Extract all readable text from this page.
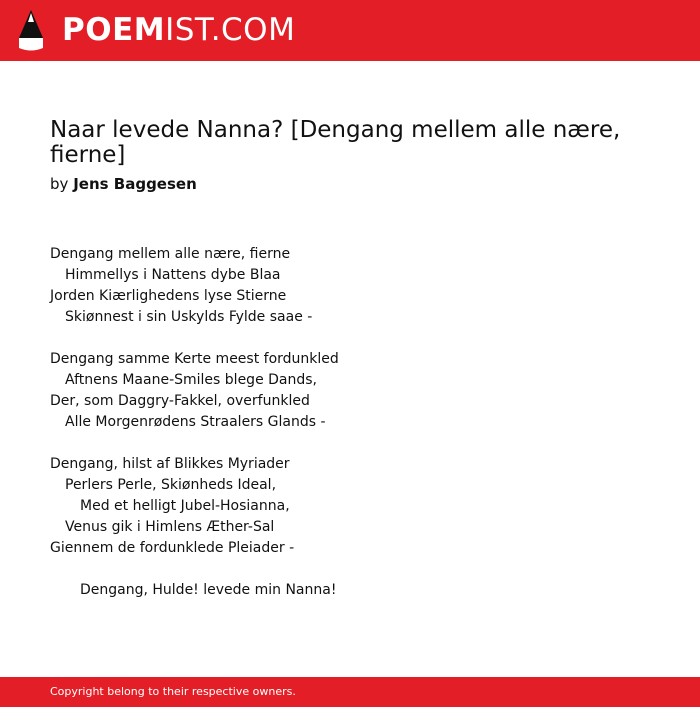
POEMIST.COM
Naar levede Nanna? [Dengang mellem alle nære,
fierne]
by Jens Baggesen
Dengang mellem alle nære, fierne
Himmellys i Nattens dybe Blaa
Jorden Kiærlighedens lyse Stierne
Skiønnest i sin Uskylds Fylde saae -
Dengang samme Kerte meest fordunkled
Aftnens Maane-Smiles blege Dands,
Der, som Daggry-Fakkel, overfunkled
Alle Morgenrødens Straalers Glands -
Dengang, hilst af Blikkes Myriader
Perlers Perle, Skiønheds Ideal,
Med et helligt Jubel-Hosianna,
Venus gik i Himlens Æther-Sal
Giennem de fordunklede Pleiader -
Dengang, Hulde! levede min Nanna!
Copyright belong to their respective owners.
